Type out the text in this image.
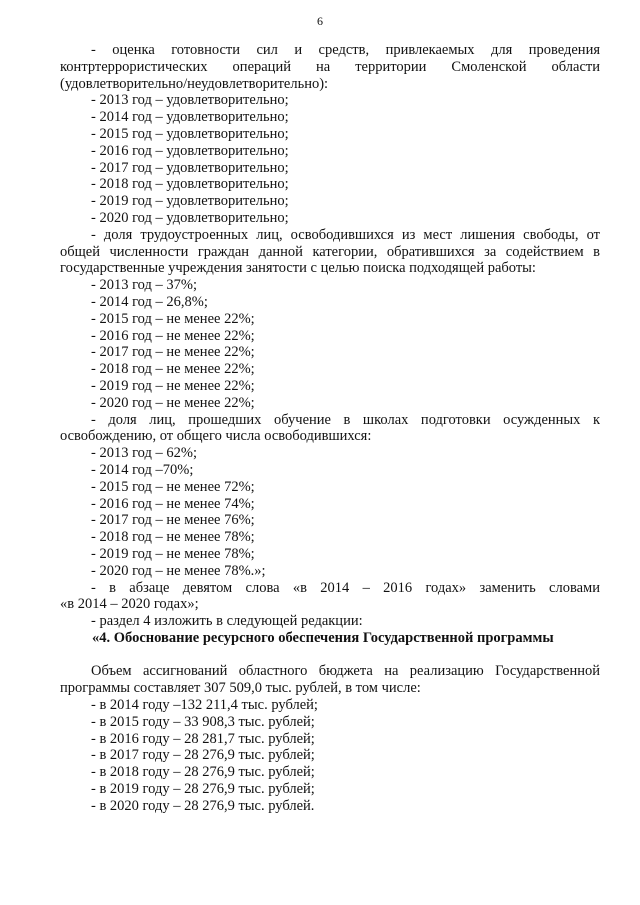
6
- оценка готовности сил и средств, привлекаемых для проведения
контртеррористических операций на территории Смоленской области
(удовлетворительно/неудовлетворительно):
- 2013 год – удовлетворительно;
- 2014 год – удовлетворительно;
- 2015 год – удовлетворительно;
- 2016 год – удовлетворительно;
- 2017 год – удовлетворительно;
- 2018 год – удовлетворительно;
- 2019 год – удовлетворительно;
- 2020 год – удовлетворительно;
- доля трудоустроенных лиц, освободившихся из мест лишения свободы, от
общей численности граждан данной категории, обратившихся за содействием в
государственные учреждения занятости с целью поиска подходящей работы:
- 2013 год – 37%;
- 2014 год – 26,8%;
- 2015 год – не менее 22%;
- 2016 год – не менее 22%;
- 2017 год – не менее 22%;
- 2018 год – не менее 22%;
- 2019 год – не менее 22%;
- 2020 год – не менее 22%;
- доля лиц, прошедших обучение в школах подготовки осужденных к
освобождению, от общего числа освободившихся:
- 2013 год – 62%;
- 2014 год –70%;
- 2015 год – не менее 72%;
- 2016 год – не менее 74%;
- 2017 год – не менее 76%;
- 2018 год – не менее 78%;
- 2019 год – не менее 78%;
- 2020 год – не менее 78%.»;
- в абзаце девятом слова «в 2014 – 2016 годах» заменить словами
«в 2014 – 2020 годах»;
- раздел 4 изложить в следующей редакции:
«4. Обоснование ресурсного обеспечения Государственной программы
Объем ассигнований областного бюджета на реализацию Государственной
программы составляет 307 509,0 тыс. рублей, в том числе:
- в 2014 году –132 211,4 тыс. рублей;
- в 2015 году – 33 908,3 тыс. рублей;
- в 2016 году – 28 281,7 тыс. рублей;
- в 2017 году – 28 276,9 тыс. рублей;
- в 2018 году – 28 276,9 тыс. рублей;
- в 2019 году – 28 276,9 тыс. рублей;
- в 2020 году – 28 276,9 тыс. рублей.
